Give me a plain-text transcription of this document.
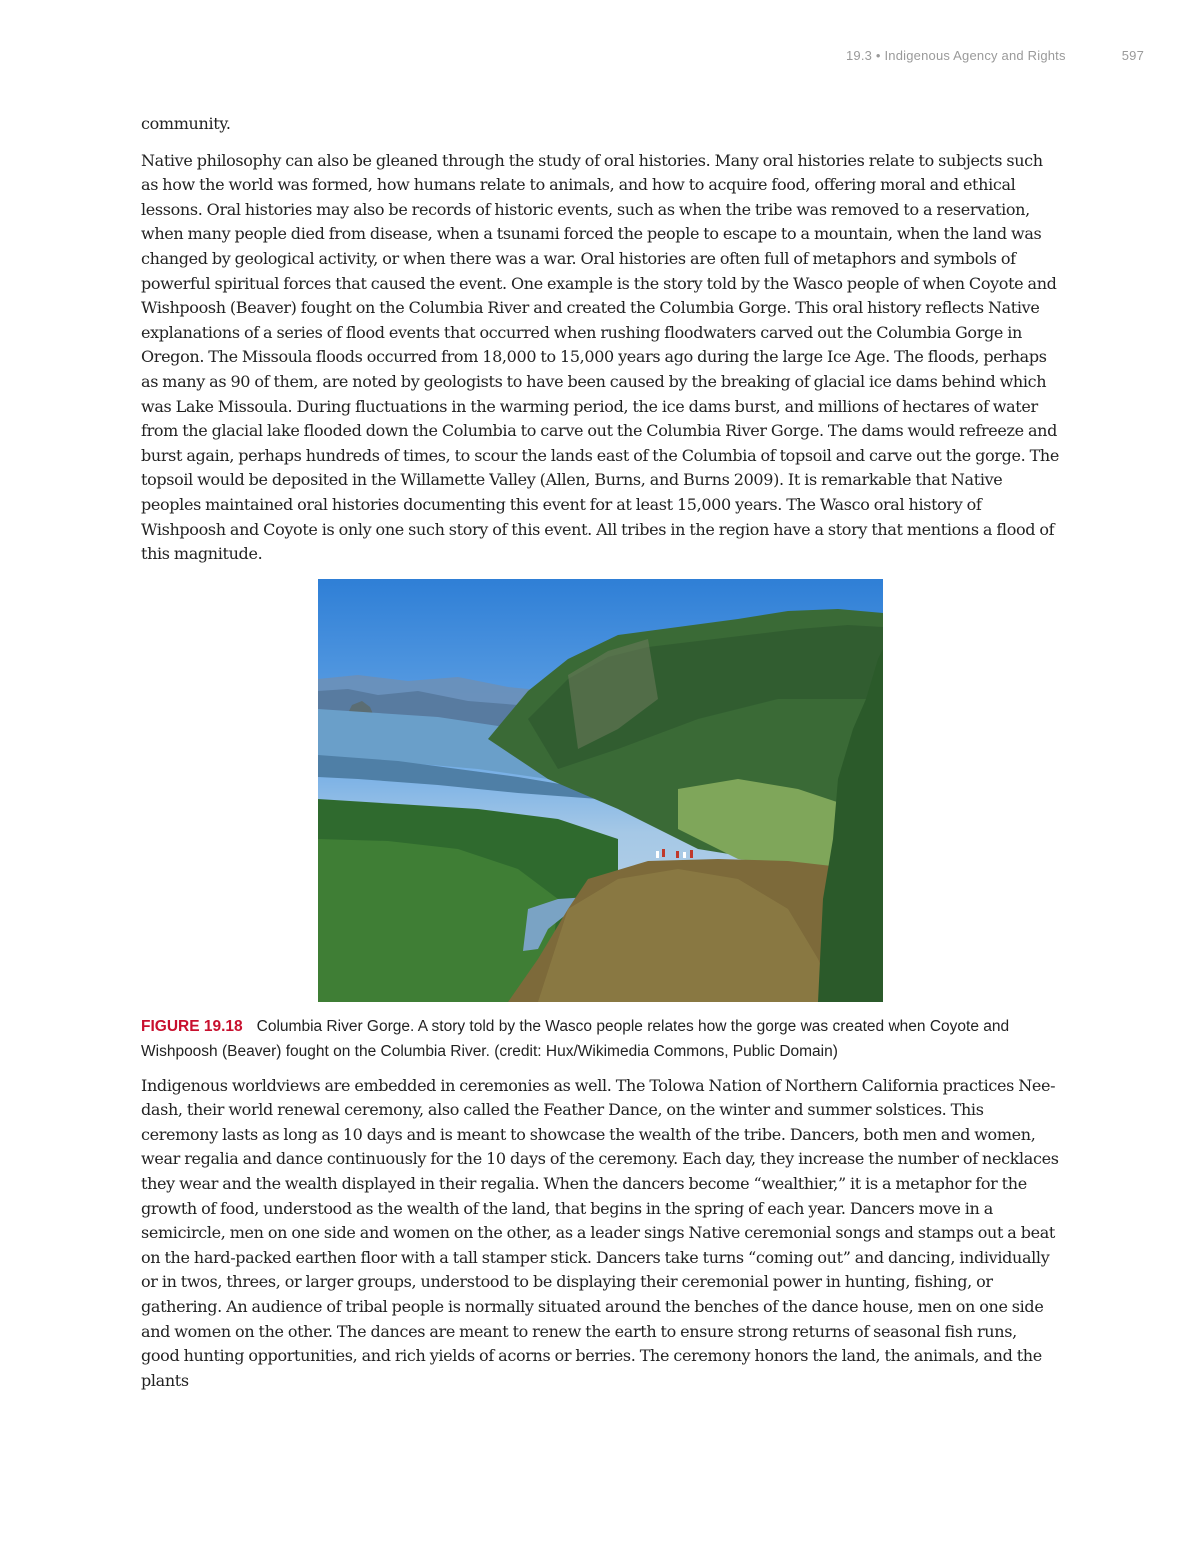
19.3 • Indigenous Agency and Rights	597

community.

Native philosophy can also be gleaned through the study of oral histories. Many oral histories relate to subjects such as how the world was formed, how humans relate to animals, and how to acquire food, offering moral and ethical lessons. Oral histories may also be records of historic events, such as when the tribe was removed to a reservation, when many people died from disease, when a tsunami forced the people to escape to a mountain, when the land was changed by geological activity, or when there was a war. Oral histories are often full of metaphors and symbols of powerful spiritual forces that caused the event. One example is the story told by the Wasco people of when Coyote and Wishpoosh (Beaver) fought on the Columbia River and created the Columbia Gorge. This oral history reflects Native explanations of a series of flood events that occurred when rushing floodwaters carved out the Columbia Gorge in Oregon. The Missoula floods occurred from 18,000 to 15,000 years ago during the large Ice Age. The floods, perhaps as many as 90 of them, are noted by geologists to have been caused by the breaking of glacial ice dams behind which was Lake Missoula. During fluctuations in the warming period, the ice dams burst, and millions of hectares of water from the glacial lake flooded down the Columbia to carve out the Columbia River Gorge. The dams would refreeze and burst again, perhaps hundreds of times, to scour the lands east of the Columbia of topsoil and carve out the gorge. The topsoil would be deposited in the Willamette Valley (Allen, Burns, and Burns 2009). It is remarkable that Native peoples maintained oral histories documenting this event for at least 15,000 years. The Wasco oral history of Wishpoosh and Coyote is only one such story of this event. All tribes in the region have a story that mentions a flood of this magnitude.

FIGURE 19.18 Columbia River Gorge. A story told by the Wasco people relates how the gorge was created when Coyote and Wishpoosh (Beaver) fought on the Columbia River. (credit: Hux/Wikimedia Commons, Public Domain)

Indigenous worldviews are embedded in ceremonies as well. The Tolowa Nation of Northern California practices Nee-dash, their world renewal ceremony, also called the Feather Dance, on the winter and summer solstices. This ceremony lasts as long as 10 days and is meant to showcase the wealth of the tribe. Dancers, both men and women, wear regalia and dance continuously for the 10 days of the ceremony. Each day, they increase the number of necklaces they wear and the wealth displayed in their regalia. When the dancers become “wealthier,” it is a metaphor for the growth of food, understood as the wealth of the land, that begins in the spring of each year. Dancers move in a semicircle, men on one side and women on the other, as a leader sings Native ceremonial songs and stamps out a beat on the hard-packed earthen floor with a tall stamper stick. Dancers take turns “coming out” and dancing, individually or in twos, threes, or larger groups, understood to be displaying their ceremonial power in hunting, fishing, or gathering. An audience of tribal people is normally situated around the benches of the dance house, men on one side and women on the other. The dances are meant to renew the earth to ensure strong returns of seasonal fish runs, good hunting opportunities, and rich yields of acorns or berries. The ceremony honors the land, the animals, and the plants
